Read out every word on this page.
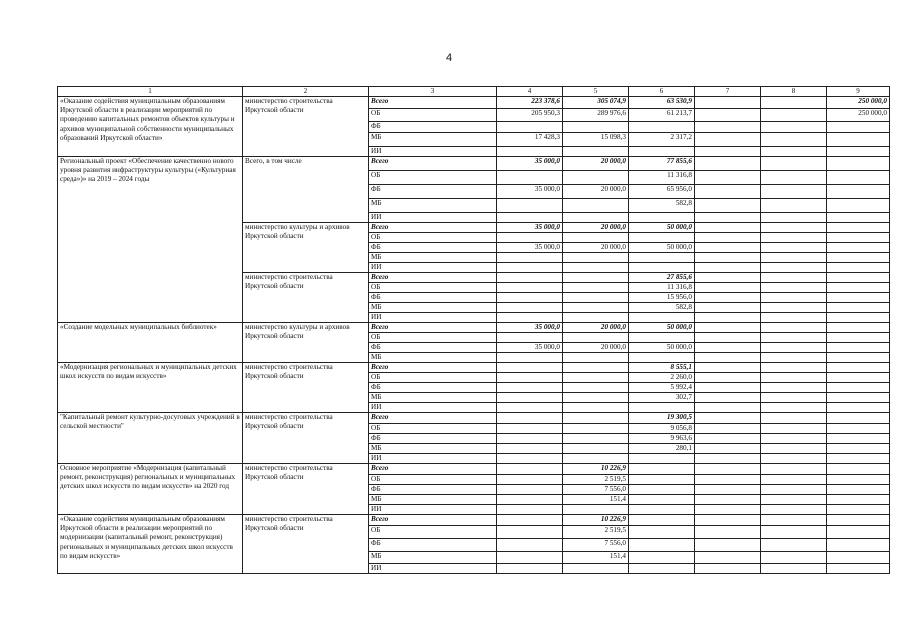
4
1	2	3	4	5	6	7	8	9
«Оказание содействия муниципальным образованиям Иркутской области в реализации мероприятий по проведению капитальных ремонтов объектов культуры и архивов муниципальной собственности муниципальных образований Иркутской области»	министерство строительства Иркутской области	Всего	223 378,6	305 074,9	63 530,9			250 000,0
		ОБ	205 950,3	289 976,6	61 213,7			250 000,0
		ФБ						
		МБ	17 428,3	15 098,3	2 317,2			
		ИИ						
Региональный проект «Обеспечение качественно нового уровня развития инфраструктуры культуры («Культурная среда»)» на 2019 – 2024 годы	Всего, в том числе	Всего	35 000,0	20 000,0	77 855,6			
		ОБ			11 316,8			
		ФБ	35 000,0	20 000,0	65 956,0			
		МБ			582,8			
		ИИ						
	министерство культуры и архивов Иркутской области	Всего	35 000,0	20 000,0	50 000,0			
		ОБ						
		ФБ	35 000,0	20 000,0	50 000,0			
		МБ						
		ИИ						
	министерство строительства Иркутской области	Всего			27 855,6			
		ОБ			11 316,8			
		ФБ			15 956,0			
		МБ			582,8			
		ИИ						
«Создание модельных муниципальных библиотек»	министерство культуры и архивов Иркутской области	Всего	35 000,0	20 000,0	50 000,0			
		ОБ						
		ФБ	35 000,0	20 000,0	50 000,0			
		МБ						
«Модернизация региональных и муниципальных детских школ искусств по видам искусств»	министерство строительства Иркутской области	Всего			8 555,1			
		ОБ			2 260,0			
		ФБ			5 992,4			
		МБ			302,7			
		ИИ						
"Капитальный ремонт культурно-досуговых учреждений в сельской местности"	министерство строительства Иркутской области	Всего			19 300,5			
		ОБ			9 056,8			
		ФБ			9 963,6			
		МБ			280,1			
		ИИ						
Основное мероприятие «Модернизация (капитальный ремонт, реконструкция) региональных и муниципальных детских школ искусств по видам искусств» на 2020 год	министерство строительства Иркутской области	Всего		10 226,9				
		ОБ		2 519,5				
		ФБ		7 556,0				
		МБ		151,4				
		ИИ						
«Оказание содействия муниципальным образованиям Иркутской области в реализации мероприятий по модернизации (капитальный ремонт, реконструкция) региональных и муниципальных детских школ искусств по видам искусств»	министерство строительства Иркутской области	Всего		10 226,9				
		ОБ		2 519,5				
		ФБ		7 556,0				
		МБ		151,4				
		ИИ						
